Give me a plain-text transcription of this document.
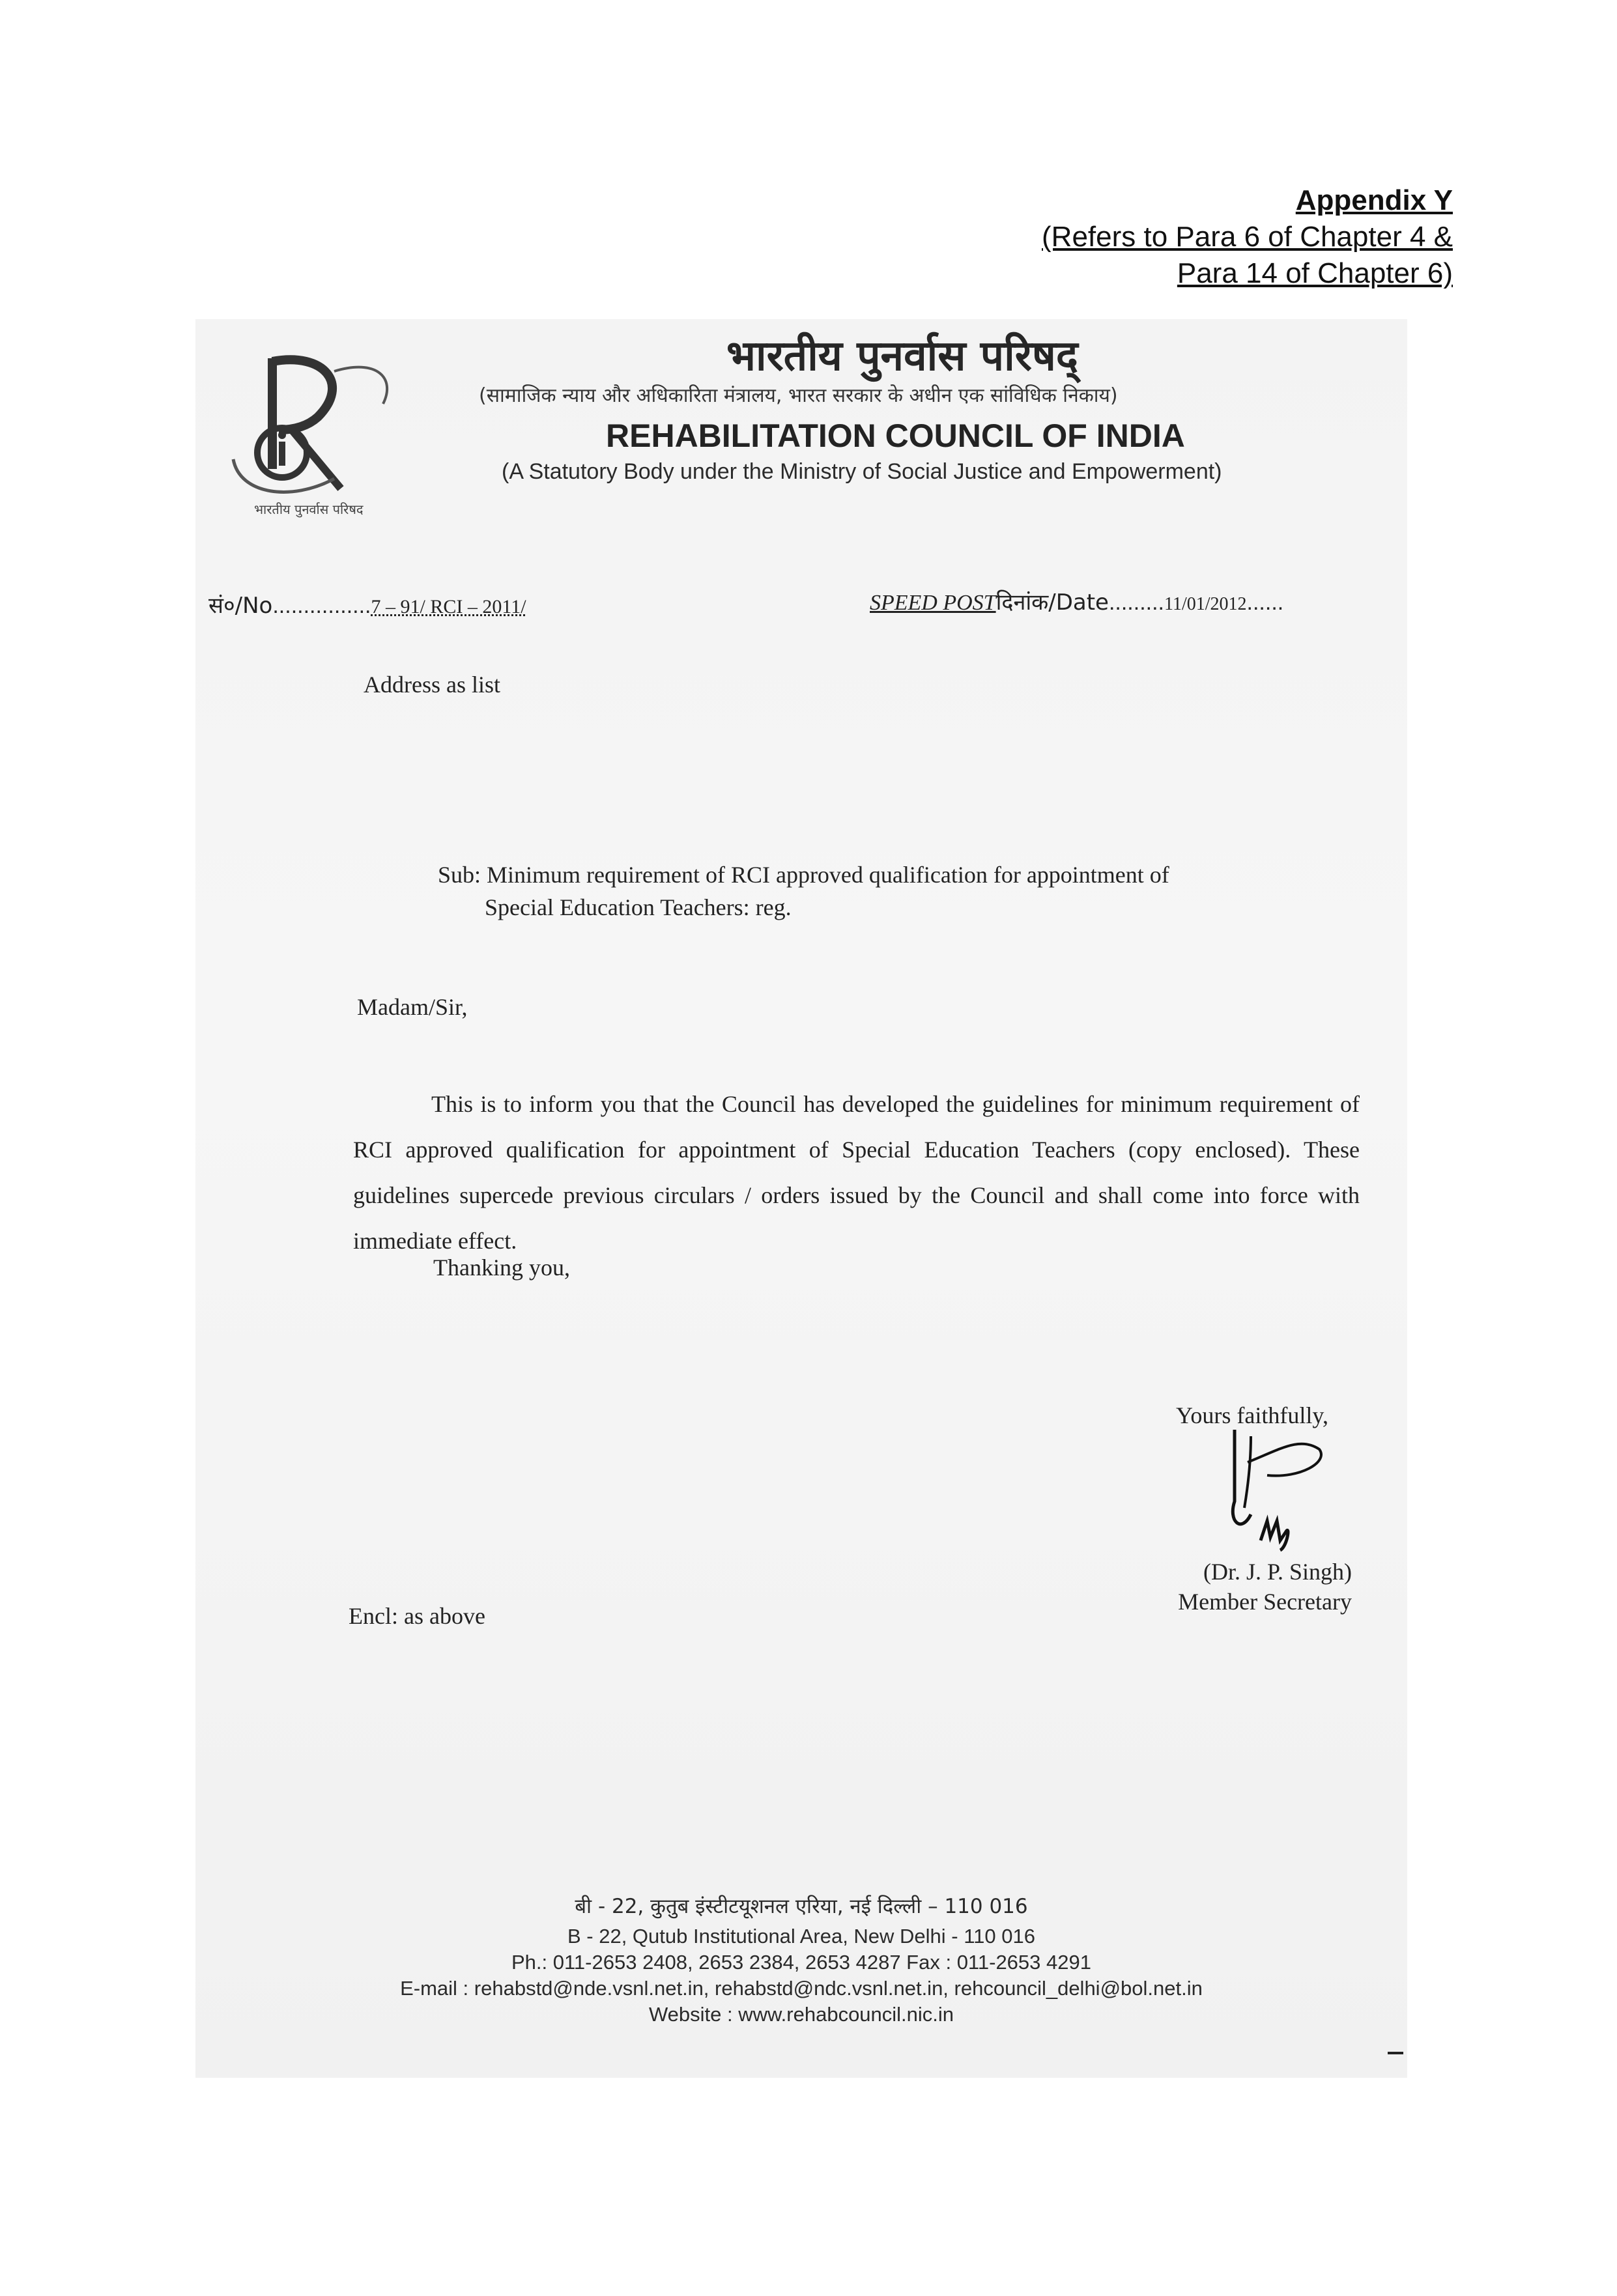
Appendix Y
(Refers to Para 6 of Chapter 4 &
Para 14 of Chapter 6)
भारतीय पुनर्वास परिषद
भारतीय पुनर्वास परिषद्
(सामाजिक न्याय और अधिकारिता मंत्रालय, भारत सरकार के अधीन एक सांविधिक निकाय)
REHABILITATION COUNCIL OF INDIA
(A Statutory Body under the Ministry of Social Justice and Empowerment)
सं०/No................7 – 91/ RCI – 2011/	SPEED POSTदिनांक/Date.........11/01/2012......
Address as list
Sub: Minimum requirement of RCI approved qualification for appointment of
Special Education Teachers: reg.
Madam/Sir,
This is to inform you that the Council has developed the guidelines for minimum requirement of RCI approved qualification for appointment of Special Education Teachers (copy enclosed). These guidelines supercede previous circulars / orders issued by the Council and shall come into force with immediate effect.
Thanking you,
Yours faithfully,
(Dr. J. P. Singh)
Member Secretary
Encl: as above
बी - 22, कुतुब इंस्टीटयूशनल एरिया, नई दिल्ली – 110 016
B - 22, Qutub Institutional Area, New Delhi - 110 016
Ph.: 011-2653 2408, 2653 2384, 2653 4287 Fax : 011-2653 4291
E-mail : rehabstd@nde.vsnl.net.in, rehabstd@ndc.vsnl.net.in, rehcouncil_delhi@bol.net.in
Website : www.rehabcouncil.nic.in
